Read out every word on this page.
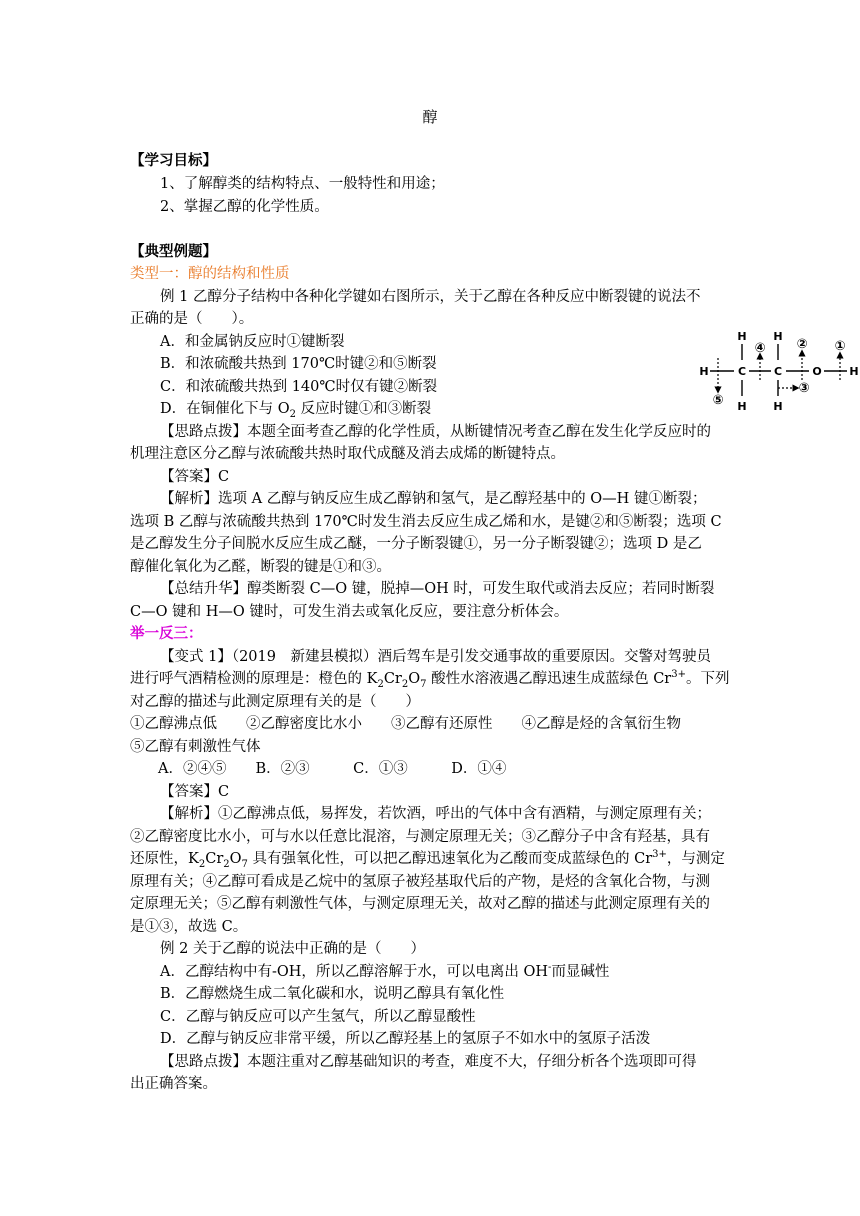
醇
【学习目标】
1、了解醇类的结构特点、一般特性和用途；
2、掌握乙醇的化学性质。
【典型例题】
类型一：醇的结构和性质
例 1 乙醇分子结构中各种化学键如右图所示，关于乙醇在各种反应中断裂键的说法不
正确的是（　　）。
A．和金属钠反应时①键断裂
B．和浓硫酸共热到 170℃时键②和⑤断裂
C．和浓硫酸共热到 140℃时仅有键②断裂
D．在铜催化下与 $O_2$ 反应时键①和③断裂
【思路点拨】本题全面考查乙醇的化学性质，从断键情况考查乙醇在发生化学反应时的
机理注意区分乙醇与浓硫酸共热时取代成醚及消去成烯的断键特点。
【答案】C
【解析】选项 A 乙醇与钠反应生成乙醇钠和氢气，是乙醇羟基中的 O—H 键①断裂；
选项 B 乙醇与浓硫酸共热到 170℃时发生消去反应生成乙烯和水，是键②和⑤断裂；选项 C
是乙醇发生分子间脱水反应生成乙醚，一分子断裂键①，另一分子断裂键②；选项 D 是乙
醇催化氧化为乙醛，断裂的键是①和③。
【总结升华】醇类断裂 C—O 键，脱掉—OH 时，可发生取代或消去反应；若同时断裂
C—O 键和 H—O 键时，可发生消去或氧化反应，要注意分析体会。
举一反三：
【变式 1】（2019　新建县模拟）酒后驾车是引发交通事故的重要原因。交警对驾驶员
进行呼气酒精检测的原理是：橙色的 $K_2Cr_2O_7$ 酸性水溶液遇乙醇迅速生成蓝绿色 $Cr^{3+}$。下列
对乙醇的描述与此测定原理有关的是（　　）
①乙醇沸点低　　②乙醇密度比水小　　③乙醇有还原性　　④乙醇是烃的含氧衍生物
⑤乙醇有刺激性气体
A．②④⑤　　B．②③　　　C．①③　　　D．①④
【答案】C
【解析】①乙醇沸点低，易挥发，若饮酒，呼出的气体中含有酒精，与测定原理有关；
②乙醇密度比水小，可与水以任意比混溶，与测定原理无关；③乙醇分子中含有羟基，具有
还原性，$K_2Cr_2O_7$ 具有强氧化性，可以把乙醇迅速氧化为乙酸而变成蓝绿色的 $Cr^{3+}$，与测定
原理有关；④乙醇可看成是乙烷中的氢原子被羟基取代后的产物，是烃的含氧化合物，与测
定原理无关；⑤乙醇有刺激性气体，与测定原理无关，故对乙醇的描述与此测定原理有关的
是①③，故选 C。
例 2 关于乙醇的说法中正确的是（　　）
A．乙醇结构中有-OH，所以乙醇溶解于水，可以电离出 OH-而显碱性
B．乙醇燃烧生成二氧化碳和水，说明乙醇具有氧化性
C．乙醇与钠反应可以产生氢气，所以乙醇显酸性
D．乙醇与钠反应非常平缓，所以乙醇羟基上的氢原子不如水中的氢原子活泼
【思路点拨】本题注重对乙醇基础知识的考查，难度不大，仔细分析各个选项即可得
出正确答案。
H H
H	C	C	O	H
H H
①
②
③
④
⑤
